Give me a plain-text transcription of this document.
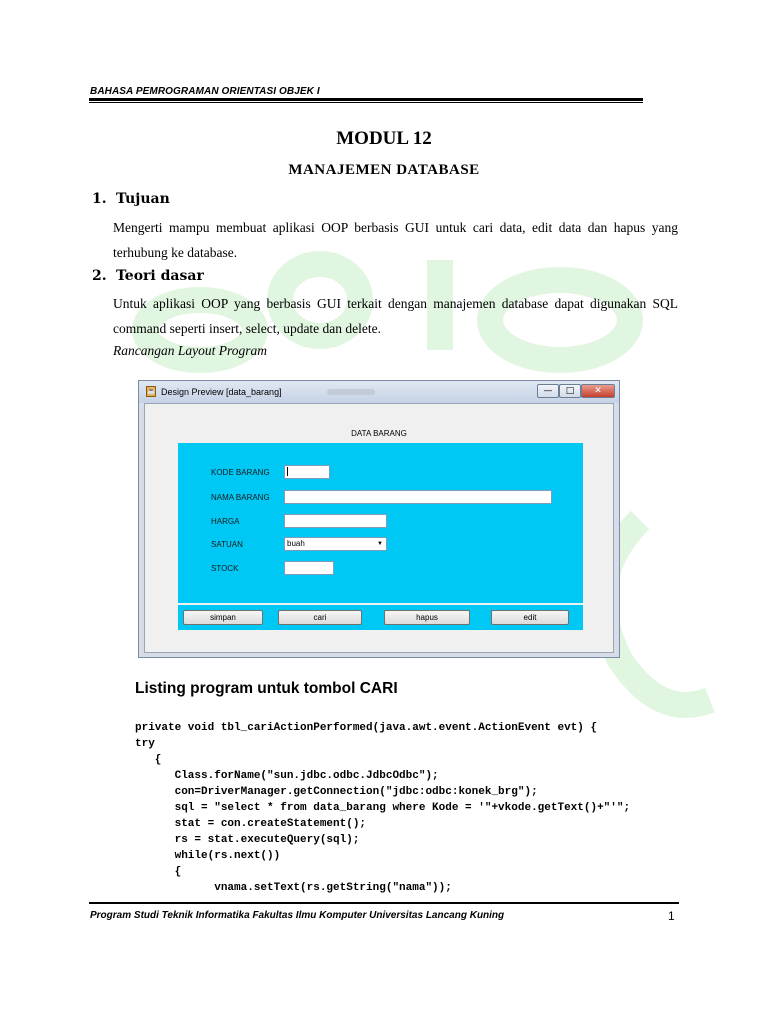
BAHASA PEMROGRAMAN ORIENTASI OBJEK I
MODUL 12
MANAJEMEN DATABASE
1. Tujuan
Mengerti mampu membuat aplikasi OOP berbasis GUI untuk cari data, edit data dan hapus yang terhubung ke database.
2. Teori dasar
Untuk aplikasi OOP yang berbasis GUI terkait dengan manajemen database dapat digunakan SQL command seperti insert, select, update dan delete.
Rancangan Layout Program
☕ Design Preview [data_barang]	—	□	✕
DATA BARANG
KODE BARANG
NAMA BARANG
HARGA
SATUAN	buah	▼
STOCK
simpan	cari	hapus	edit
Listing program untuk tombol CARI
private void tbl_cariActionPerformed(java.awt.event.ActionEvent evt) {
try
{
Class.forName("sun.jdbc.odbc.JdbcOdbc");
con=DriverManager.getConnection("jdbc:odbc:konek_brg");
sql = "select * from data_barang where Kode = '"+vkode.getText()+"'";
stat = con.createStatement();
rs = stat.executeQuery(sql);
while(rs.next())
{
vnama.setText(rs.getString("nama"));
Program Studi Teknik Informatika Fakultas Ilmu Komputer Universitas Lancang Kuning	1
